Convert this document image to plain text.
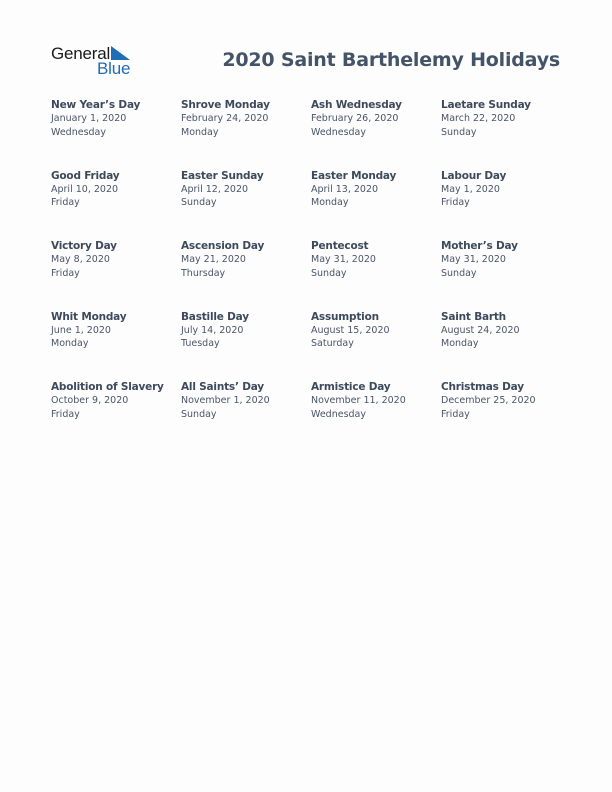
General
Blue	2020 Saint Barthelemy Holidays
New Year’s Day
January 1, 2020
Wednesday
Shrove Monday
February 24, 2020
Monday
Ash Wednesday
February 26, 2020
Wednesday
Laetare Sunday
March 22, 2020
Sunday
Good Friday
April 10, 2020
Friday
Easter Sunday
April 12, 2020
Sunday
Easter Monday
April 13, 2020
Monday
Labour Day
May 1, 2020
Friday
Victory Day
May 8, 2020
Friday
Ascension Day
May 21, 2020
Thursday
Pentecost
May 31, 2020
Sunday
Mother’s Day
May 31, 2020
Sunday
Whit Monday
June 1, 2020
Monday
Bastille Day
July 14, 2020
Tuesday
Assumption
August 15, 2020
Saturday
Saint Barth
August 24, 2020
Monday
Abolition of Slavery
October 9, 2020
Friday
All Saints’ Day
November 1, 2020
Sunday
Armistice Day
November 11, 2020
Wednesday
Christmas Day
December 25, 2020
Friday
